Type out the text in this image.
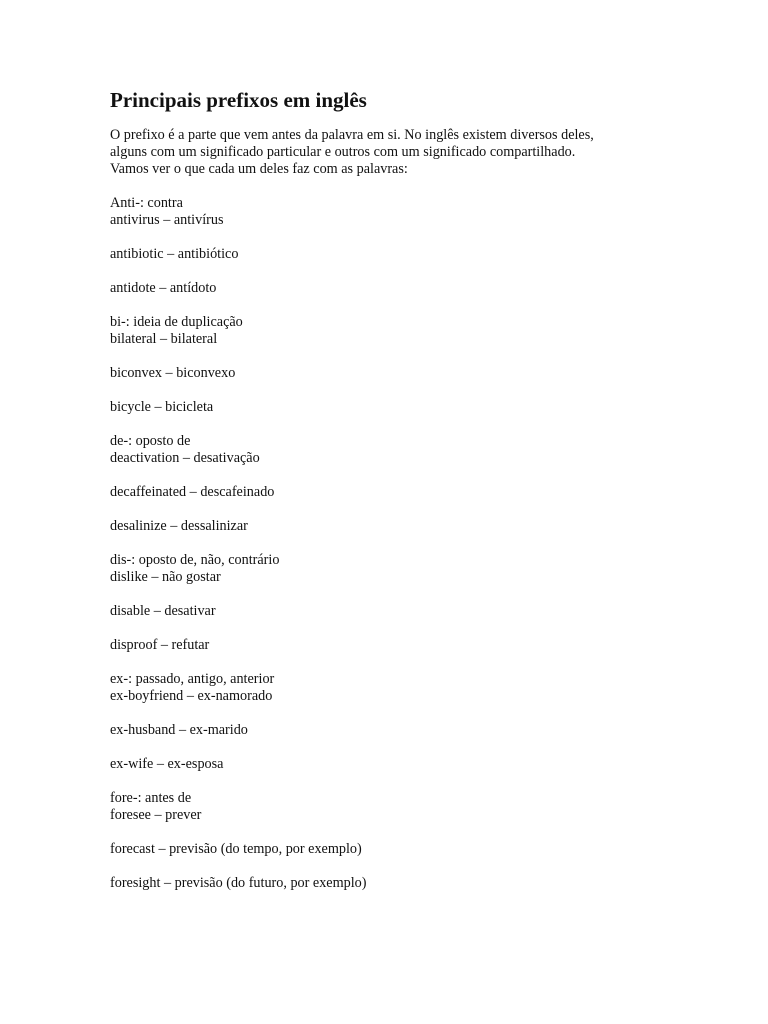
Principais prefixos em inglês
O prefixo é a parte que vem antes da palavra em si. No inglês existem diversos deles,
alguns com um significado particular e outros com um significado compartilhado.
Vamos ver o que cada um deles faz com as palavras:
Anti-: contra
antivirus – antivírus
antibiotic – antibiótico
antidote – antídoto
bi-: ideia de duplicação
bilateral – bilateral
biconvex – biconvexo
bicycle – bicicleta
de-: oposto de
deactivation – desativação
decaffeinated – descafeinado
desalinize – dessalinizar
dis-: oposto de, não, contrário
dislike – não gostar
disable – desativar
disproof – refutar
ex-: passado, antigo, anterior
ex-boyfriend – ex-namorado
ex-husband – ex-marido
ex-wife – ex-esposa
fore-: antes de
foresee – prever
forecast – previsão (do tempo, por exemplo)
foresight – previsão (do futuro, por exemplo)
